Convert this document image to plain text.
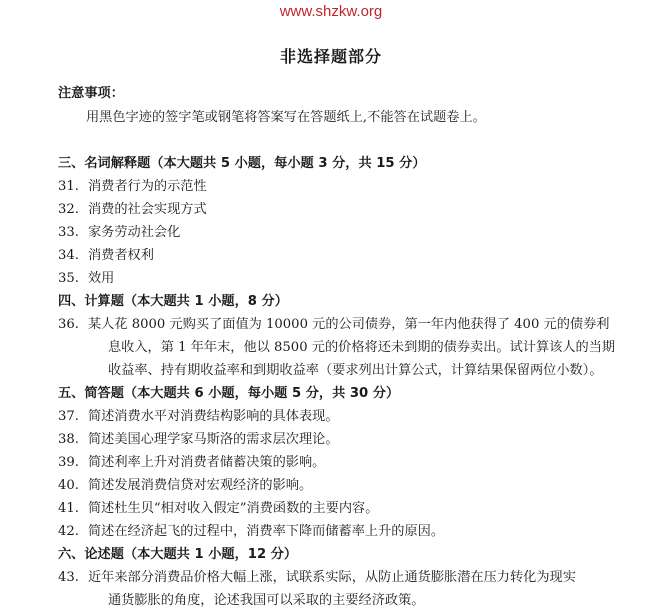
www.shzkw.org
非选择题部分
注意事项：
用黑色字迹的签字笔或钢笔将答案写在答题纸上,不能答在试题卷上。
三、名词解释题（本大题共 5 小题，每小题 3 分，共 15 分）
31. 消费者行为的示范性
32. 消费的社会实现方式
33. 家务劳动社会化
34. 消费者权利
35. 效用
四、计算题（本大题共 1 小题，8 分）
36. 某人花 8000 元购买了面值为 10000 元的公司债券，第一年内他获得了 400 元的债券利
息收入，第 1 年年末，他以 8500 元的价格将还未到期的债券卖出。试计算该人的当期
收益率、持有期收益率和到期收益率（要求列出计算公式，计算结果保留两位小数）。
五、简答题（本大题共 6 小题，每小题 5 分，共 30 分）
37. 简述消费水平对消费结构影响的具体表现。
38. 简述美国心理学家马斯洛的需求层次理论。
39. 简述利率上升对消费者储蓄决策的影响。
40. 简述发展消费信贷对宏观经济的影响。
41. 简述杜生贝“相对收入假定”消费函数的主要内容。
42. 简述在经济起飞的过程中，消费率下降而储蓄率上升的原因。
六、论述题（本大题共 1 小题，12 分）
43. 近年来部分消费品价格大幅上涨，试联系实际，从防止通货膨胀潜在压力转化为现实
通货膨胀的角度，论述我国可以采取的主要经济政策。
